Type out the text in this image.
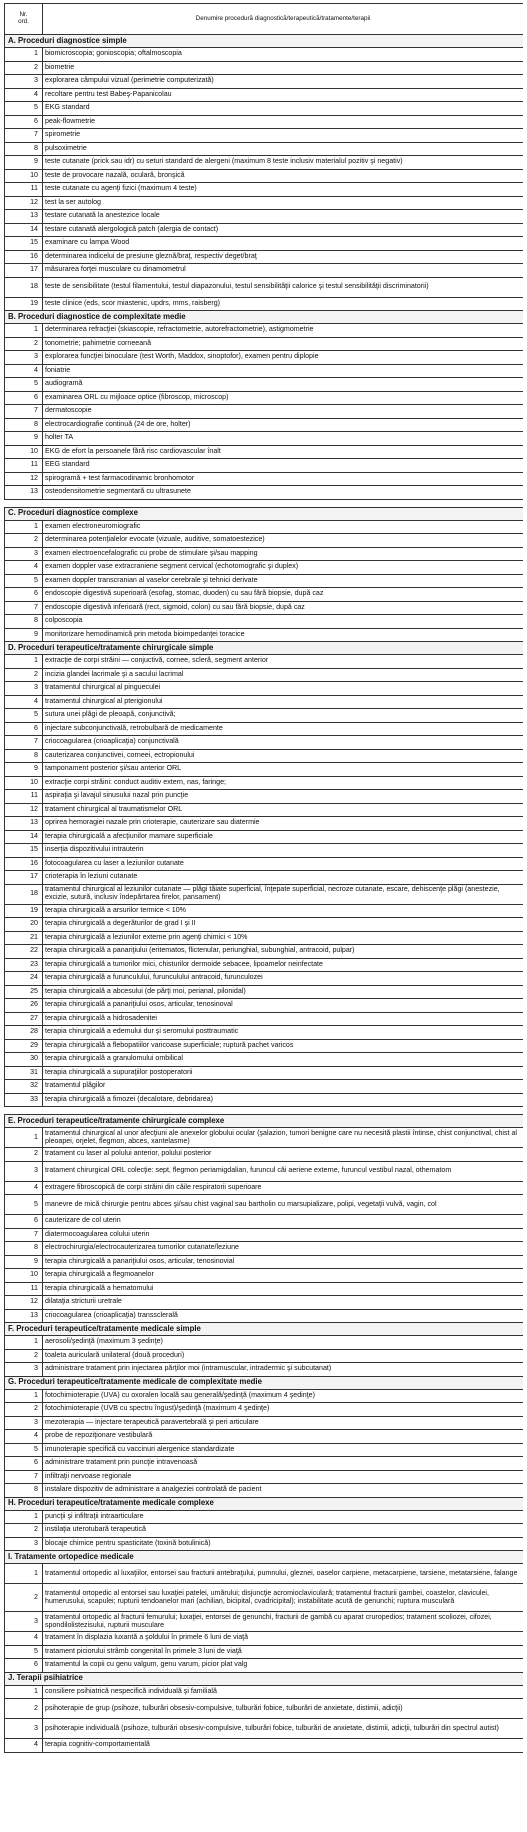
Nr.
ord.	Denumire procedură diagnostică/terapeutică/tratamente/terapii
A. Proceduri diagnostice simple	
1	biomicroscopia; gonioscopia; oftalmoscopia
2	biometrie
3	explorarea câmpului vizual (perimetrie computerizată)
4	recoltare pentru test Babeş-Papanicolau
5	EKG standard
6	peak-flowmetrie
7	spirometrie
8	pulsoximetrie
9	teste cutanate (prick sau idr) cu seturi standard de alergeni (maximum 8 teste inclusiv materialul pozitiv şi negativ)
10	teste de provocare nazală, oculară, bronşică
11	teste cutanate cu agenţi fizici (maximum 4 teste)
12	test la ser autolog
13	testare cutanată la anestezice locale
14	testare cutanată alergologică patch (alergia de contact)
15	examinare cu lampa Wood
16	determinarea indicelui de presiune gleznă/braţ, respectiv deget/braţ
17	măsurarea forţei musculare cu dinamometrul
18	teste de sensibilitate (testul filamentului, testul diapazonului, testul sensibilităţii calorice şi testul sensibilităţii discriminatorii)
19	teste clinice (eds, scor miastenic, updrs, mms, raisberg)
B. Proceduri diagnostice de complexitate medie	
1	determinarea refracţiei (skiascopie, refractometrie, autorefractometrie), astigmometrie
2	tonometrie; pahimetrie corneeană
3	explorarea funcţiei binoculare (test Worth, Maddox, sinoptofor), examen pentru diplopie
4	foniatrie
5	audiogramă
6	examinarea ORL cu mijloace optice (fibroscop, microscop)
7	dermatoscopie
8	electrocardiografie continuă (24 de ore, holter)
9	holter TA
10	EKG de efort la persoanele fără risc cardiovascular înalt
11	EEG standard
12	spirogramă + test farmacodinamic bronhomotor
13	osteodensitometrie segmentară cu ultrasunete

C. Proceduri diagnostice complexe	
1	examen electroneuromiografic
2	determinarea potenţialelor evocate (vizuale, auditive, somatoestezice)
3	examen electroencefalografic cu probe de stimulare şi/sau mapping
4	examen doppler vase extracraniene segment cervical (echotomografic şi duplex)
5	examen doppler transcranian al vaselor cerebrale şi tehnici derivate
6	endoscopie digestivă superioară (esofag, stomac, duoden) cu sau fără biopsie, după caz
7	endoscopie digestivă inferioară (rect, sigmoid, colon) cu sau fără biopsie, după caz
8	colposcopia
9	monitorizare hemodinamică prin metoda bioimpedanţei toracice
D. Proceduri terapeutice/tratamente chirurgicale simple	
1	extracţie de corpi străini — conjuctivă, cornee, scleră, segment anterior
2	incizia glandei lacrimale şi a sacului lacrimal
3	tratamentul chirurgical al pingueculei
4	tratamentul chirurgical al pterigionului
5	sutura unei plăgi de pleoapă, conjunctivă;
6	injectare subconjunctivală, retrobulbară de medicamente
7	criocoagularea (crioaplicaţia) conjunctivală
8	cauterizarea conjunctivei, corneei, ectropionului
9	tamponament posterior şi/sau anterior ORL
10	extracţie corpi străini: conduct auditiv extern, nas, faringe;
11	aspiraţia şi lavajul sinusului nazal prin puncţie
12	tratament chirurgical al traumatismelor ORL
13	oprirea hemoragiei nazale prin crioterapie, cauterizare sau diatermie
14	terapia chirurgicală a afecţiunilor mamare superficiale
15	inserţia dispozitivului intrauterin
16	fotocoagularea cu laser a leziunilor cutanate
17	crioterapia în leziuni cutanate
18	tratamentul chirurgical al leziunilor cutanate — plăgi tăiate superficial, înţepate superficial, necroze cutanate, escare, dehiscenţe plăgi (anestezie, excizie, sutură, inclusiv îndepărtarea firelor, pansament)
19	terapia chirurgicală a arsurilor termice < 10%
20	terapia chirurgicală a degerăturilor de grad I şi II
21	terapia chirurgicală a leziunilor externe prin agenţi chimici < 10%
22	terapia chirurgicală a panariţiului (eritematos, flictenular, periunghial, subunghial, antracoid, pulpar)
23	terapia chirurgicală a tumorilor mici, chisturilor dermoide sebacee, lipoamelor neinfectate
24	terapia chirurgicală a furunculului, furunculului antracoid, furunculozei
25	terapia chirurgicală a abcesului (de părţi moi, perianal, pilonidal)
26	terapia chirurgicală a panariţiului osos, articular, tenosinoval
27	terapia chirurgicală a hidrosadenitei
28	terapia chirurgicală a edemului dur şi seromului posttraumatic
29	terapia chirurgicală a flebopatiilor varicoase superficiale; ruptură pachet varicos
30	terapia chirurgicală a granulomului ombilical
31	terapia chirurgicală a supuraţiilor postoperatorii
32	tratamentul plăgilor
33	terapia chirurgicală a fimozei (decalotare, debridarea)

E. Proceduri terapeutice/tratamente chirurgicale complexe	
1	tratamentul chirurgical al unor afecţiuni ale anexelor globului ocular (şalazion, tumori benigne care nu necesită plastii întinse, chist conjunctival, chist al pleoapei, orjelet, flegmon, abces, xantelasme)
2	tratament cu laser al polului anterior, polului posterior
3	tratament chirurgical ORL colecţie: sept, flegmon periamigdalian, furuncul căi aeriene externe, furuncul vestibul nazal, othematom
4	extragere fibroscopică de corpi străini din căile respiratorii superioare
5	manevre de mică chirurgie pentru abces şi/sau chist vaginal sau bartholin cu marsupializare, polipi, vegetaţii vulvă, vagin, col
6	cauterizare de col uterin
7	diatermocoagularea colului uterin
8	electrochirurgia/electrocauterizarea tumorilor cutanate/leziune
9	terapia chirurgicală a panariţiului osos, articular, tenosinovial
10	terapia chirurgicală a flegmoanelor
11	terapia chirurgicală a hematomului
12	dilataţia stricturii uretrale
13	criocoagularea (crioaplicaţia) transsclerală
F. Proceduri terapeutice/tratamente medicale simple	
1	aerosoli/şedinţă (maximum 3 şedinţe)
2	toaleta auriculară unilateral (două proceduri)
3	administrare tratament prin injectarea părţilor moi (intramuscular, intradermic şi subcutanat)
G. Proceduri terapeutice/tratamente medicale de complexitate medie	
1	fotochimioterapie (UVA) cu oxoralen locală sau generală/şedinţă (maximum 4 şedinţe)
2	fotochimioterapie (UVB cu spectru îngust)/şedinţă (maximum 4 şedinţe)
3	mezoterapia — injectare terapeutică paravertebrală şi peri articulare
4	probe de repoziţionare vestibulară
5	imunoterapie specifică cu vaccinuri alergenice standardizate
6	administrare tratament prin puncţie intravenoasă
7	infiltraţii nervoase regionale
8	instalare dispozitiv de administrare a analgeziei controlată de pacient
H. Proceduri terapeutice/tratamente medicale complexe	
1	puncţii şi infiltraţii intraarticulare
2	instilaţia uterotubară terapeutică
3	blocaje chimice pentru spasticitate (toxină botulinică)
I. Tratamente ortopedice medicale	
1	tratamentul ortopedic al luxaţiilor, entorsei sau fracturii antebraţului, pumnului, gleznei, oaselor carpiene, metacarpiene, tarsiene, metatarsiene, falange
2	tratamentul ortopedic al entorsei sau luxaţiei patelei, umărului; disjuncţie acromioclaviculară; tratamentul fracturii gambei, coastelor, claviculei, humerusului, scapulei; rupturii tendoanelor mari (achilian, bicipital, cvadricipital); instabilitate acută de genunchi; ruptura musculară
3	tratamentul ortopedic al fracturii femurului; luxaţiei, entorsei de genunchi, fracturii de gambă cu aparat cruropedios; tratament scoliozei, cifozei, spondilolistezisului, rupturii musculare
4	tratament în displazia luxantă a şoldului în primele 6 luni de viaţă
5	tratament piciorului strâmb congenital în primele 3 luni de viaţă
6	tratamentul la copii cu genu valgum, genu varum, picior plat valg
J. Terapii psihiatrice	
1	consiliere psihiatrică nespecifică individuală şi familială
2	psihoterapie de grup (psihoze, tulburări obsesiv-compulsive, tulburări fobice, tulburări de anxietate, distimii, adicţii)
3	psihoterapie individuală (psihoze, tulburări obsesiv-compulsive, tulburări fobice, tulburări de anxietate, distimii, adicţii, tulburări din spectrul autist)
4	terapia cognitiv-comportamentală
